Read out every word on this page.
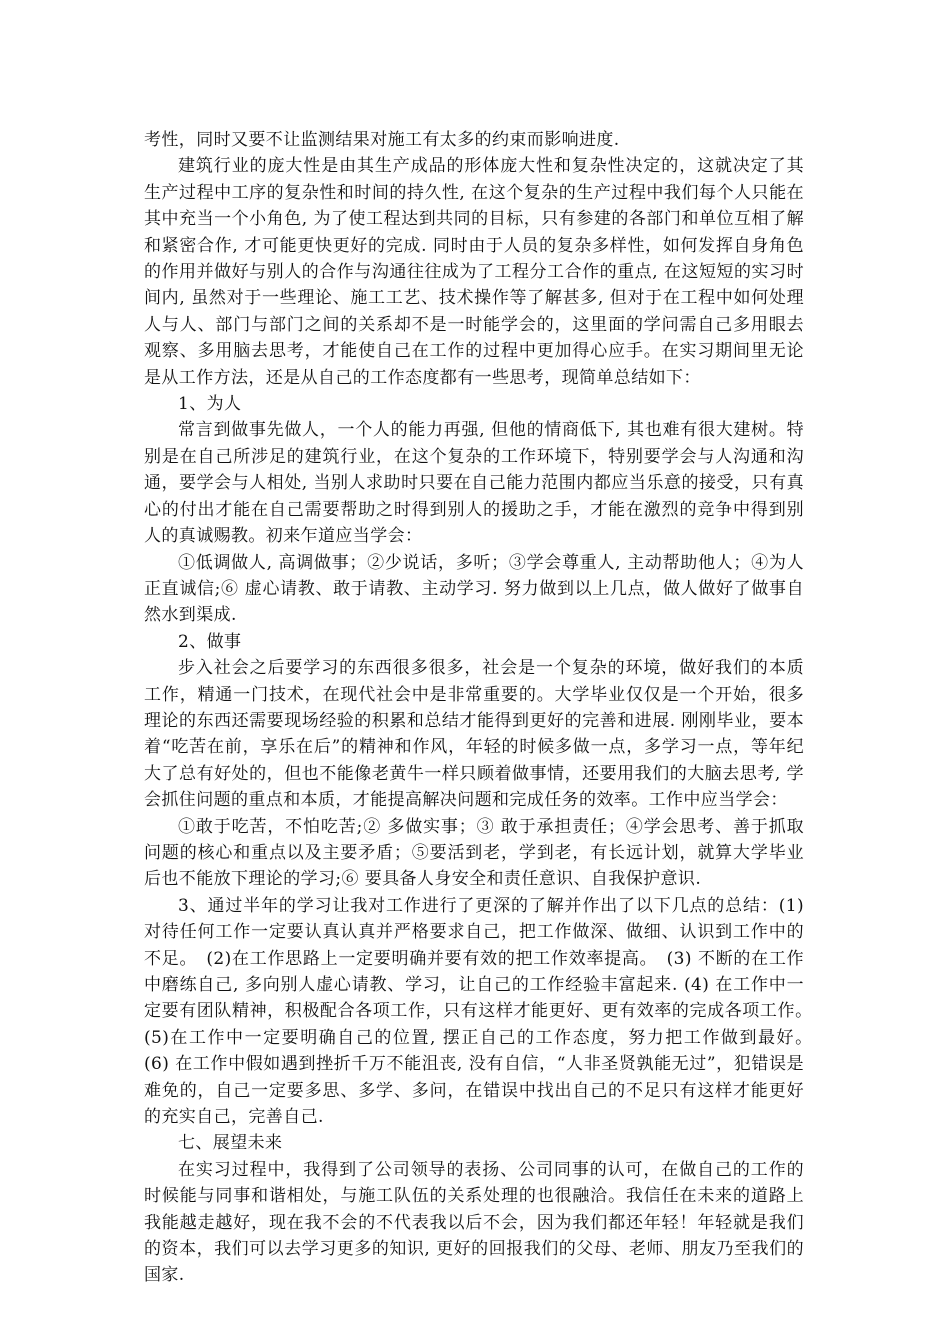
考性，同时又要不让监测结果对施工有太多的约束而影响进度.

建筑行业的庞大性是由其生产成品的形体庞大性和复杂性决定的，这就决定了其生产过程中工序的复杂性和时间的持久性, 在这个复杂的生产过程中我们每个人只能在其中充当一个小角色, 为了使工程达到共同的目标，只有参建的各部门和单位互相了解和紧密合作, 才可能更快更好的完成. 同时由于人员的复杂多样性，如何发挥自身角色的作用并做好与别人的合作与沟通往往成为了工程分工合作的重点, 在这短短的实习时间内, 虽然对于一些理论、施工工艺、技术操作等了解甚多, 但对于在工程中如何处理人与人、部门与部门之间的关系却不是一时能学会的，这里面的学问需自己多用眼去观察、多用脑去思考，才能使自己在工作的过程中更加得心应手。在实习期间里无论是从工作方法，还是从自己的工作态度都有一些思考，现简单总结如下：

1、为人

常言到做事先做人，一个人的能力再强, 但他的情商低下, 其也难有很大建树。特别是在自己所涉足的建筑行业，在这个复杂的工作环境下，特别要学会与人沟通和沟通，要学会与人相处, 当别人求助时只要在自己能力范围内都应当乐意的接受，只有真心的付出才能在自己需要帮助之时得到别人的援助之手，才能在激烈的竞争中得到别人的真诚赐教。初来乍道应当学会：

①低调做人, 高调做事；②少说话，多听；③学会尊重人, 主动帮助他人；④为人正直诚信;⑥ 虚心请教、敢于请教、主动学习. 努力做到以上几点，做人做好了做事自然水到渠成.

2、做事

步入社会之后要学习的东西很多很多，社会是一个复杂的环境，做好我们的本质工作，精通一门技术，在现代社会中是非常重要的。大学毕业仅仅是一个开始，很多理论的东西还需要现场经验的积累和总结才能得到更好的完善和进展. 刚刚毕业，要本着“吃苦在前，享乐在后”的精神和作风，年轻的时候多做一点，多学习一点，等年纪大了总有好处的，但也不能像老黄牛一样只顾着做事情，还要用我们的大脑去思考, 学会抓住问题的重点和本质，才能提高解决问题和完成任务的效率。工作中应当学会：

①敢于吃苦，不怕吃苦;② 多做实事；③ 敢于承担责任；④学会思考、善于抓取问题的核心和重点以及主要矛盾；⑤要活到老，学到老，有长远计划，就算大学毕业后也不能放下理论的学习;⑥ 要具备人身安全和责任意识、自我保护意识.

3、通过半年的学习让我对工作进行了更深的了解并作出了以下几点的总结：(1) 对待任何工作一定要认真认真并严格要求自己，把工作做深、做细、认识到工作中的不足。　(2)在工作思路上一定要明确并要有效的把工作效率提高。　(3) 不断的在工作中磨练自己, 多向别人虚心请教、学习，让自己的工作经验丰富起来. (4) 在工作中一定要有团队精神，积极配合各项工作，只有这样才能更好、更有效率的完成各项工作。　(5)在工作中一定要明确自己的位置, 摆正自己的工作态度，努力把工作做到最好。　(6) 在工作中假如遇到挫折千万不能沮丧, 没有自信，“人非圣贤孰能无过”，犯错误是难免的，自己一定要多思、多学、多问，在错误中找出自己的不足只有这样才能更好的充实自己，完善自己.

七、展望未来

在实习过程中，我得到了公司领导的表扬、公司同事的认可，在做自己的工作的时候能与同事和谐相处，与施工队伍的关系处理的也很融洽。我信任在未来的道路上我能越走越好，现在我不会的不代表我以后不会，因为我们都还年轻！年轻就是我们的资本，我们可以去学习更多的知识, 更好的回报我们的父母、老师、朋友乃至我们的国家.
